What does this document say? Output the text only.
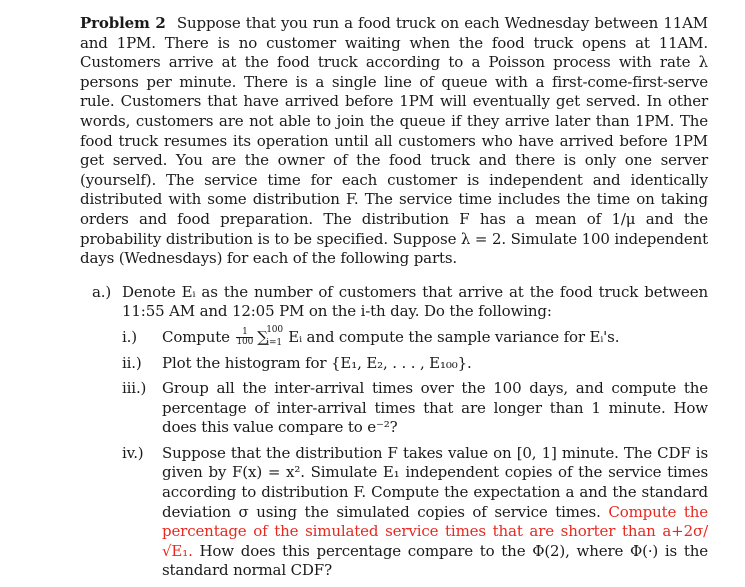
Problem 2 Suppose that you run a food truck on each Wednesday between 11AM and 1PM. There is no customer waiting when the food truck opens at 11AM. Customers arrive at the food truck according to a Poisson process with rate λ persons per minute. There is a single line of queue with a first-come-first-serve rule. Customers that have arrived before 1PM will eventually get served. In other words, customers are not able to join the queue if they arrive later than 1PM. The food truck resumes its operation until all customers who have arrived before 1PM get served. You are the owner of the food truck and there is only one server (yourself). The service time for each customer is independent and identically distributed with some distribution F. The service time includes the time on taking orders and food preparation. The distribution F has a mean of 1/μ and the probability distribution is to be specified. Suppose λ = 2. Simulate 100 independent days (Wednesdays) for each of the following parts.

a.) Denote Eᵢ as the number of customers that arrive at the food truck between 11:55 AM and 12:05 PM on the i-th day. Do the following:
i.)	Compute $\frac{1}{100}$ ∑
100
i=1 Eᵢ and compute the sample variance for Eᵢ's.
ii.)	Plot the histogram for {E₁, E₂, . . . , E₁₀₀}.
iii.)	Group all the inter-arrival times over the 100 days, and compute the percentage of inter-arrival times that are longer than 1 minute. How does this value compare to e⁻²?
iv.)	Suppose that the distribution F takes value on [0, 1] minute. The CDF is given by F(x) = x². Simulate E₁ independent copies of the service times according to distribution F. Compute the expectation a and the standard deviation σ using the simulated copies of service times. Compute the percentage of the simulated service times that are shorter than a+2σ/√E₁. How does this percentage compare to the Φ(2), where Φ(·) is the standard normal CDF?
